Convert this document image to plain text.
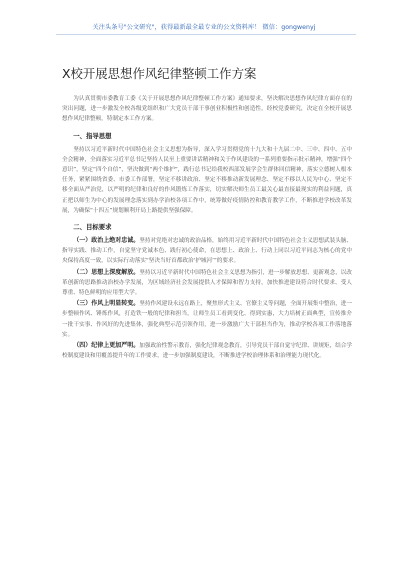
关注头条号"公文研究"，获得最新最全最专业的公文资料库！ 微信：gongwenyj
X校开展思想作风纪律整顿工作方案

为认真贯彻市委教育工委《关于开展思想作风纪律整顿工作方案》通知要求，坚决解决思想作风纪律方面存在的突出问题，进一步激发全校各级党组织和广大党员干部干事创业积极性和创造性，经校党委研究，决定在全校开展思想作风纪律整顿，特制定本工作方案。

一、指导思想

坚持以习近平新时代中国特色社会主义思想为指导，深入学习贯彻党的十九大和十九届二中、三中、四中、五中全会精神，全面落实习近平总书记坚持人民至上重要讲话精神和关于作风建设的一系列重要指示批示精神，增强“四个意识”，坚定“四个自信”，坚决做到“两个维护”，践行总书记给我校西部发展学会生群体回信精神，落实立德树人根本任务，紧紧围绕省委、市委工作部署，坚定不移讲政治、坚定不移推动新发展理念、坚定不移以人民为中心、坚定不移全面从严治党，以严明的纪律和良好的作风锻炼工作落实，切实解决师生员工最关心最直接最现实的利益问题，真正把以师生为中心的发展理念落实到办学治校各项工作中，统筹做好疫情防控和教育教学工作，不断推进学校改革发展，为确保“十四五”规划顺利开局上路提供坚强保障。

二、目标要求

（一）政治上绝对忠诚。坚持对党绝对忠诚的政治品格，始终用习近平新时代中国特色社会主义思想武装头脑、指导实践、推动工作，自觉坚守党诚本色、践行初心使命，在思想上、政治上、行动上同以习近平同志为核心的党中央保持高度一致，以实际行动落实“坚决当好首都政治‘护城河’”的要求。

（二）思想上深度解放。坚持以习近平新时代中国特色社会主义思想为指引，进一步解放思想、更新观念，以改革创新的思路推动治校办学发展，为区域经济社会发展提供人才保障和智力支持，加快推进建设符合时代要求、受人尊重、特色鲜明的应用型大学。

（三）作风上明显转变。坚持作风建设永远在路上，聚焦形式主义、官僚主义等问题，全面开展集中整治，进一步整顿作风、锤炼作风，打造铁一般的纪律和担当，让师生员工看到变化、得到实惠，大力培树正面典型，宣传推介一批干实事、作风好的先进集体，强化典型示范引领作用，进一步激励广大干部担当作为，推动学校各项工作落地落实。

（四）纪律上更加严明。加强政治性警示教育，强化纪律观念教育，引导党员干部自觉守纪律、讲规矩，结合学校制度建设和用覆盖提升年的工作要求，进一步加强制度建设，不断推进学校治理体系和治理能力现代化。
